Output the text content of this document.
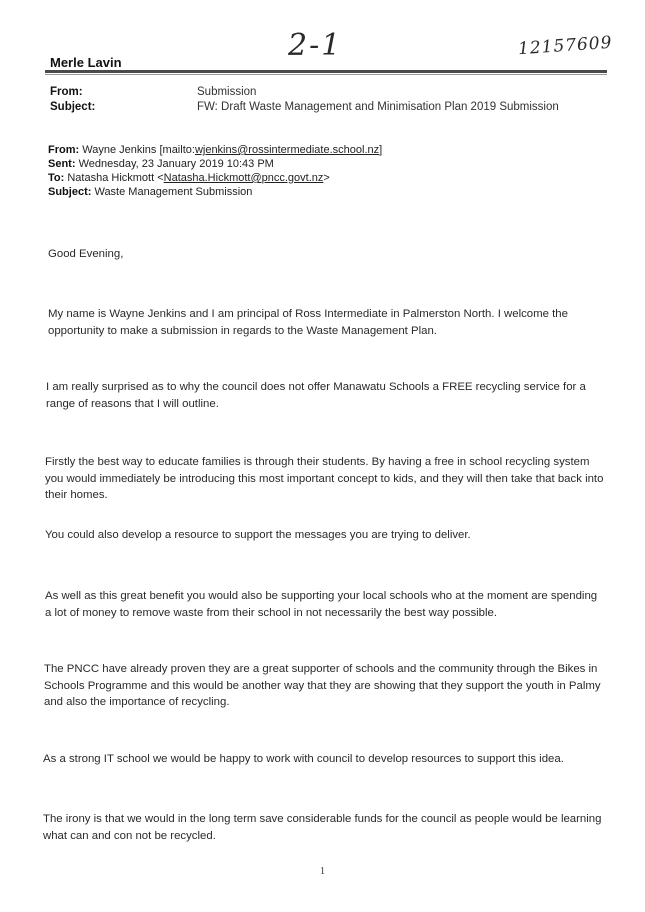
2-1	12157609
Merle Lavin
From:	Submission
Subject:	FW: Draft Waste Management and Minimisation Plan 2019 Submission
From: Wayne Jenkins [mailto:wjenkins@rossintermediate.school.nz]
Sent: Wednesday, 23 January 2019 10:43 PM
To: Natasha Hickmott <Natasha.Hickmott@pncc.govt.nz>
Subject: Waste Management Submission
Good Evening,
My name is Wayne Jenkins and I am principal of Ross Intermediate in Palmerston North. I welcome the opportunity to make a submission in regards to the Waste Management Plan.
I am really surprised as to why the council does not offer Manawatu Schools a FREE recycling service for a range of reasons that I will outline.
Firstly the best way to educate families is through their students. By having a free in school recycling system you would immediately be introducing this most important concept to kids, and they will then take that back into their homes.
You could also develop a resource to support the messages you are trying to deliver.
As well as this great benefit you would also be supporting your local schools who at the moment are spending a lot of money to remove waste from their school in not necessarily the best way possible.
The PNCC have already proven they are a great supporter of schools and the community through the Bikes in Schools Programme and this would be another way that they are showing that they support the youth in Palmy and also the importance of recycling.
As a strong IT school we would be happy to work with council to develop resources to support this idea.
The irony is that we would in the long term save considerable funds for the council as people would be learning what can and con not be recycled.
1
